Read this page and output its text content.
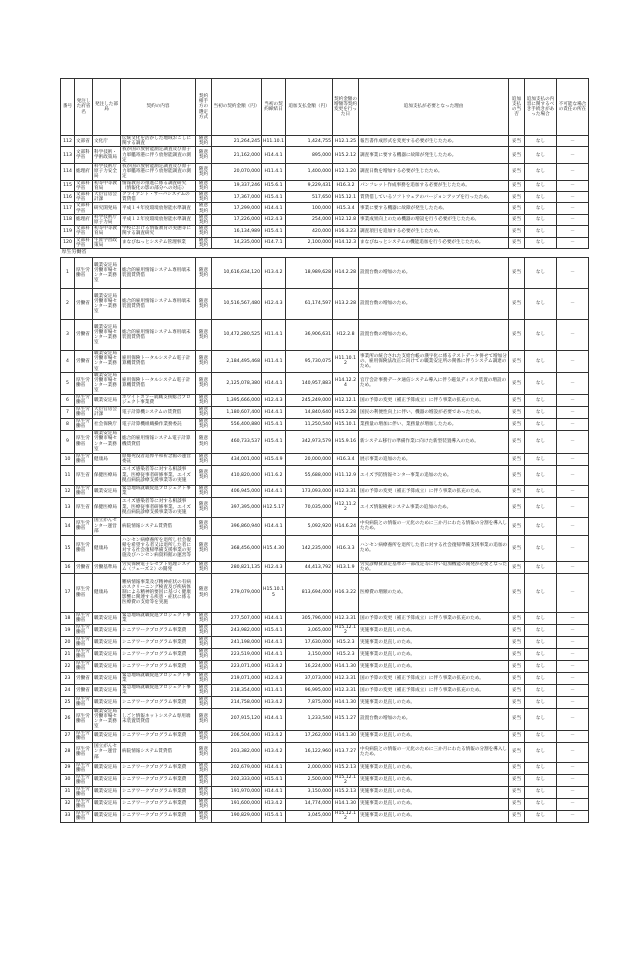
番号	発注した府省名	発注した部局	契約の内容	契約相手方の選定方式	当初の契約金額（円）	当初の契約締結日	追加支払金額（円）	契約金額の増額等契約変更を行った日	追加支払が必要となった理由	追加支払の当否	追加支払の内容に関するべき手続きがあった場合	不可能な場合の責任の所在
112	文部省	文化庁	伝統文化を活かした地域おこしに関する調査	随意契約	21,264,245	H11.10.1	1,424,755	H12.1.25	報告書作成形式を変更する必要が生じたため。	妥当	なし	－
113	文部科学省	科学技術・学術政策局	我が国の放射能測定調査及び原子力軍艦寄港に伴う放射能調査の測定	随意契約	21,162,000	H14.4.1	895,000	H15.2.12	調査事業に要する機器に故障が発生したため。	妥当	なし	－
114	総理府	科学技術庁原子力安全局	我が国の放射能測定調査及び原子力軍艦寄港に伴う放射能調査の測定	随意契約	20,070,000	H11.4.1	1,400,000	H12.1.20	調査日数を増加する必要が生じたため。	妥当	なし	－
115	文部科学省	初等中等教育局	情報教育の推進に係る調査研究（情報化の影の部分への対応）	随意契約	19,337,246	H15.6.1	9,229,431	H16.3.2	パンフレット作成事務を追加する必要が生じたため。	妥当	なし	－
116	文部科学省	大臣官房会計課	クライアント・サーバシステムの賃貸借	随意契約	17,367,000	H15.4.1	517,650	H15.12.1	賃貸借しているソフトウェアのバージョンアップを行ったため。	妥当	なし	－
117	文部科学省	研究開発局	平成１４年度環境放射能水準調査	随意契約	17,299,000	H14.4.1	100,000	H15.3.4	事業に要する機器に故障が発生したため。	妥当	なし	－
118	総理府	科学技術庁原子力局	平成１２年度環境放射能水準調査	随意契約	17,226,000	H12.4.3	254,000	H12.12.8	事業成果向上のため機器の増設を行う必要が生じたため。	妥当	なし	－
119	文部科学省	初等中等教育局	学校における情報教育の実態等に関する調査研究	随意契約	16,134,989	H15.4.1	420,000	H16.3.23	調査項目を追加する必要が生じたため。	妥当	なし	－
120	文部科学省	生涯学習政策局	まなびねっとシステム管理事業	随意契約	14,235,000	H14.7.1	2,100,000	H14.12.3	まなびねっとシステムの機能追加を行う必要が生じたため。	妥当	なし	－
厚生労働省												
1	厚生労働省	職業安定局労働市場センター業務室	総合的雇用情報システム専用端末装置賃貸借	随意契約	10,616,634,120	H13.4.2	18,989,628	H14.2.28	設置台数の増加のため。	妥当	なし	－
2	労働省	職業安定局労働市場センター業務室	総合的雇用情報システム専用端末装置賃貸借	随意契約	10,516,567,480	H12.4.3	61,174,597	H13.2.28	設置台数の増加のため。	妥当	なし	－
3	労働省	職業安定局労働市場センター業務室	総合的雇用情報システム専用端末装置賃貸借	随意契約	10,472,280,525	H11.4.1	36,906,631	H12.2.8	設置台数の増加のため。	妥当	なし	－
4	労働省	職業安定局労働市場センター業務室	雇用保険トータルシステム電子計算機賃貸借	随意契約	2,184,495,468	H11.4.1	95,730,075	H11.10.12	事業所の統合された支給台帳の漢字化に係るテストデータ併せて増加分の、雇用保険法改正に向けての職業安定所の関係に伴うシステム調達のため。	妥当	なし	－
5	厚生労働省	職業安定局労働市場センター業務室	雇用保険トータルシステム電子計算機賃貸借	随意契約	2,125,078,380	H14.4.1	140,957,883	H14.12.24	官庁会計事務データ通信システム導入に伴う磁気ディスク装置の増設のため。	妥当	なし	－
6	厚生労働省	職業安定局	ホワイトカラー就職支援総合プロジェクト事業費	随意契約	1,395,666,000	H12.4.3	245,249,000	H12.12.1	国の予算の変更（補正予算成立）に伴う事業の拡充のため。	妥当	なし	－
7	厚生労働省	大臣官房会計課	電子計算機システムの賃貸借	随意契約	1,180,607,400	H14.4.1	14,840,640	H15.2.28	国民の利便性向上に伴い、機器の増設が必要であったため。	妥当	なし	－
8	厚生労働省	社会保険庁	電子計算機組織操作業務委託	随意契約	556,400,880	H15.4.1	11,250,540	H15.10.1	業務量の増加に伴い、業務量が増加したため。	妥当	なし	－
9	厚生労働省	職業安定局労働市場センター業務室	総合的雇用情報システム電子計算機賃貸借	随意契約	460,733,537	H15.4.1	342,973,579	H15.9.16	新システム移行の準備作業に向けた新型装置導入のため。	妥当	なし	－
10	厚生労働省	健康局	原爆死没者追悼平和祈念館の運営委託	随意契約	434,001,000	H15.4.9	20,000,000	H16.3.4	展示事業の追加のため。	妥当	なし	－
11	厚生省	保健医療局	エイズ感染者等に対する相談事業、医療従事者研修事業、エイズ拠点病院診療支援事業等の実施	随意契約	410,820,000	H11.6.2	55,688,000	H11.12.9	エイズ予防情報センター事業の追加のため。	妥当	なし	－
12	厚生労働省	職業安定局	緊急地域就職促進プロジェクト事業	随意契約	406,945,000	H14.4.1	173,093,000	H12.3.31	国の予算の変更（補正予算成立）に伴う事業の拡充のため。	妥当	なし	－
13	厚生省	保健医療局	エイズ感染者等に対する相談事業、医療従事者研修事業、エイズ拠点病院診療支援事業等の実施	随意契約	397,395,000	H12.5.17	70,035,000	H12.11.22	エイズ情報検索システム事業の追加のため。	妥当	なし	－
14	厚生労働省	国立がんセンター運営部	病院情報システム賃貸借	随意契約	396,860,940	H14.4.1	5,092,920	H14.6.24	中央病院との情報の一元化のために三か月にわたる情報の分割を導入したため。	妥当	なし	－
15	厚生労働省	健康局	ハンセン病療養所を退所し社会復帰を希望する者又は退所した者に対する社会復帰準備支援事業の実施及びハンセン病資料館の運営等	随意契約	368,456,000	H15.4.30	142,235,000	H16.3.3	ハンセン病療養所を退所した者に対する社会復帰準備支援事業の追加のため。	妥当	なし	－
16	労働省	労働基準局	労災保険電子レセプト処理システム（フェーズ２）の開発	随意契約	280,821,135	H12.4.3	44,413,792	H13.1.9	労災診療費算定基準の一部改定等に伴い追加機能の開発が必要となったため。	妥当	なし	－
17	厚生労働省	健康局	難病情報事業及び精神症状の有病のスクリーニング検査及び疾病体制による精神的要因に基づく健康影響に関連する疾患・症状に係る医療費の支給等を実施	随意契約	279,079,000	H15.10.15	813,694,000	H16.3.22	医療費の増額のため。	妥当	なし	－
18	厚生労働省	職業安定局	緊急地域就職促進プロジェクト事業	随意契約	277,507,000	H14.4.1	305,796,000	H12.3.31	国の予算の変更（補正予算成立）に伴う事業の拡充のため。	妥当	なし	－
19	厚生労働省	職業安定局	シニアワークプログラム事業費	随意契約	243,982,000	H15.4.1	3,065,000	H15.12.12	実施事業の見直しのため。	妥当	なし	－
20	厚生労働省	職業安定局	シニアワークプログラム事業費	随意契約	241,198,000	H14.4.1	17,630,000	H15.2.3	実施事業の見直しのため。	妥当	なし	－
21	厚生労働省	職業安定局	シニアワークプログラム事業費	随意契約	223,519,000	H14.4.1	3,150,000	H15.2.3	実施事業の見直しのため。	妥当	なし	－
22	厚生労働省	職業安定局	シニアワークプログラム事業費	随意契約	223,071,000	H13.4.2	16,224,000	H14.1.30	実施事業の見直しのため。	妥当	なし	－
23	労働省	職業安定局	緊急地域就職促進プロジェクト事業	随意契約	219,071,000	H12.4.3	37,073,000	H12.3.31	国の予算の変更（補正予算成立）に伴う事業の拡充のため。	妥当	なし	－
24	労働省	職業安定局	緊急地域就職促進プロジェクト事業	随意契約	218,354,000	H11.4.1	96,995,000	H12.3.31	国の予算の変更（補正予算成立）に伴う事業の拡充のため。	妥当	なし	－
25	厚生労働省	職業安定局	シニアワークプログラム事業費	随意契約	214,758,000	H13.4.2	7,875,000	H14.1.30	実施事業の見直しのため。	妥当	なし	－
26	厚生労働省	職業安定局労働市場センター業務室	しごと情報ネットシステム専用端末装置賃貸借	随意契約	207,915,120	H14.4.1	1,233,540	H15.1.27	設置台数の増加のため。	妥当	なし	－
27	厚生労働省	職業安定局	シニアワークプログラム事業費	随意契約	206,504,000	H13.4.2	17,262,000	H14.1.30	実施事業の見直しのため。	妥当	なし	－
28	厚生労働省	国立がんセンター運営部	病院情報システム賃貸借	随意契約	203,382,000	H13.4.2	16,122,960	H13.7.27	中央病院との情報の一元化のために三か月にわたる情報の分割を導入したため。	妥当	なし	－
29	厚生労働省	職業安定局	シニアワークプログラム事業費	随意契約	202,679,000	H14.4.1	2,000,000	H15.2.13	実施事業の見直しのため。	妥当	なし	－
30	厚生労働省	職業安定局	シニアワークプログラム事業費	随意契約	202,333,000	H15.4.1	2,500,000	H15.12.12	実施事業の見直しのため。	妥当	なし	－
31	厚生労働省	職業安定局	シニアワークプログラム事業費	随意契約	191,970,000	H14.4.1	3,150,000	H15.2.13	実施事業の見直しのため。	妥当	なし	－
32	厚生労働省	職業安定局	シニアワークプログラム事業費	随意契約	191,600,000	H13.4.2	14,774,000	H14.1.30	実施事業の見直しのため。	妥当	なし	－
33	厚生労働省	職業安定局	シニアワークプログラム事業費	随意契約	190,829,000	H15.4.1	3,045,000	H15.12.12	実施事業の見直しのため。	妥当	なし	－
